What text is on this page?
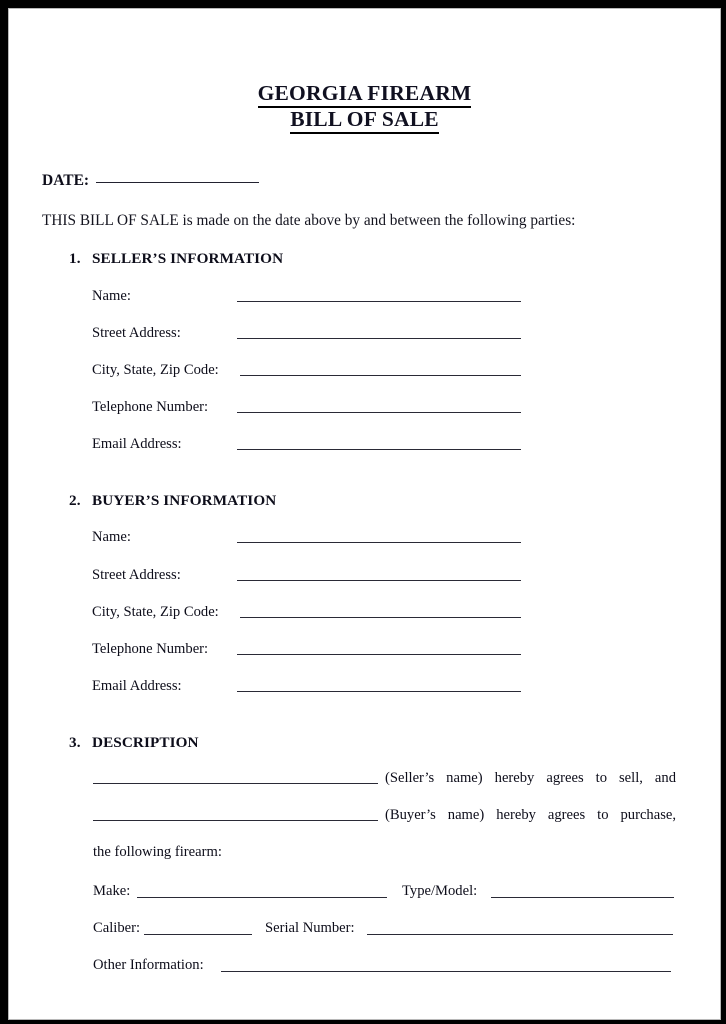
GEORGIA FIREARM
BILL OF SALE
DATE:
THIS BILL OF SALE is made on the date above by and between the following parties:
1. SELLER’S INFORMATION
Name:
Street Address:
City, State, Zip Code:
Telephone Number:
Email Address:
2. BUYER’S INFORMATION
Name:
Street Address:
City, State, Zip Code:
Telephone Number:
Email Address:
3. DESCRIPTION
(Seller’s name) hereby agrees to sell, and
(Buyer’s name) hereby agrees to purchase,
the following firearm:
Make:	Type/Model:
Caliber:	Serial Number:
Other Information:
